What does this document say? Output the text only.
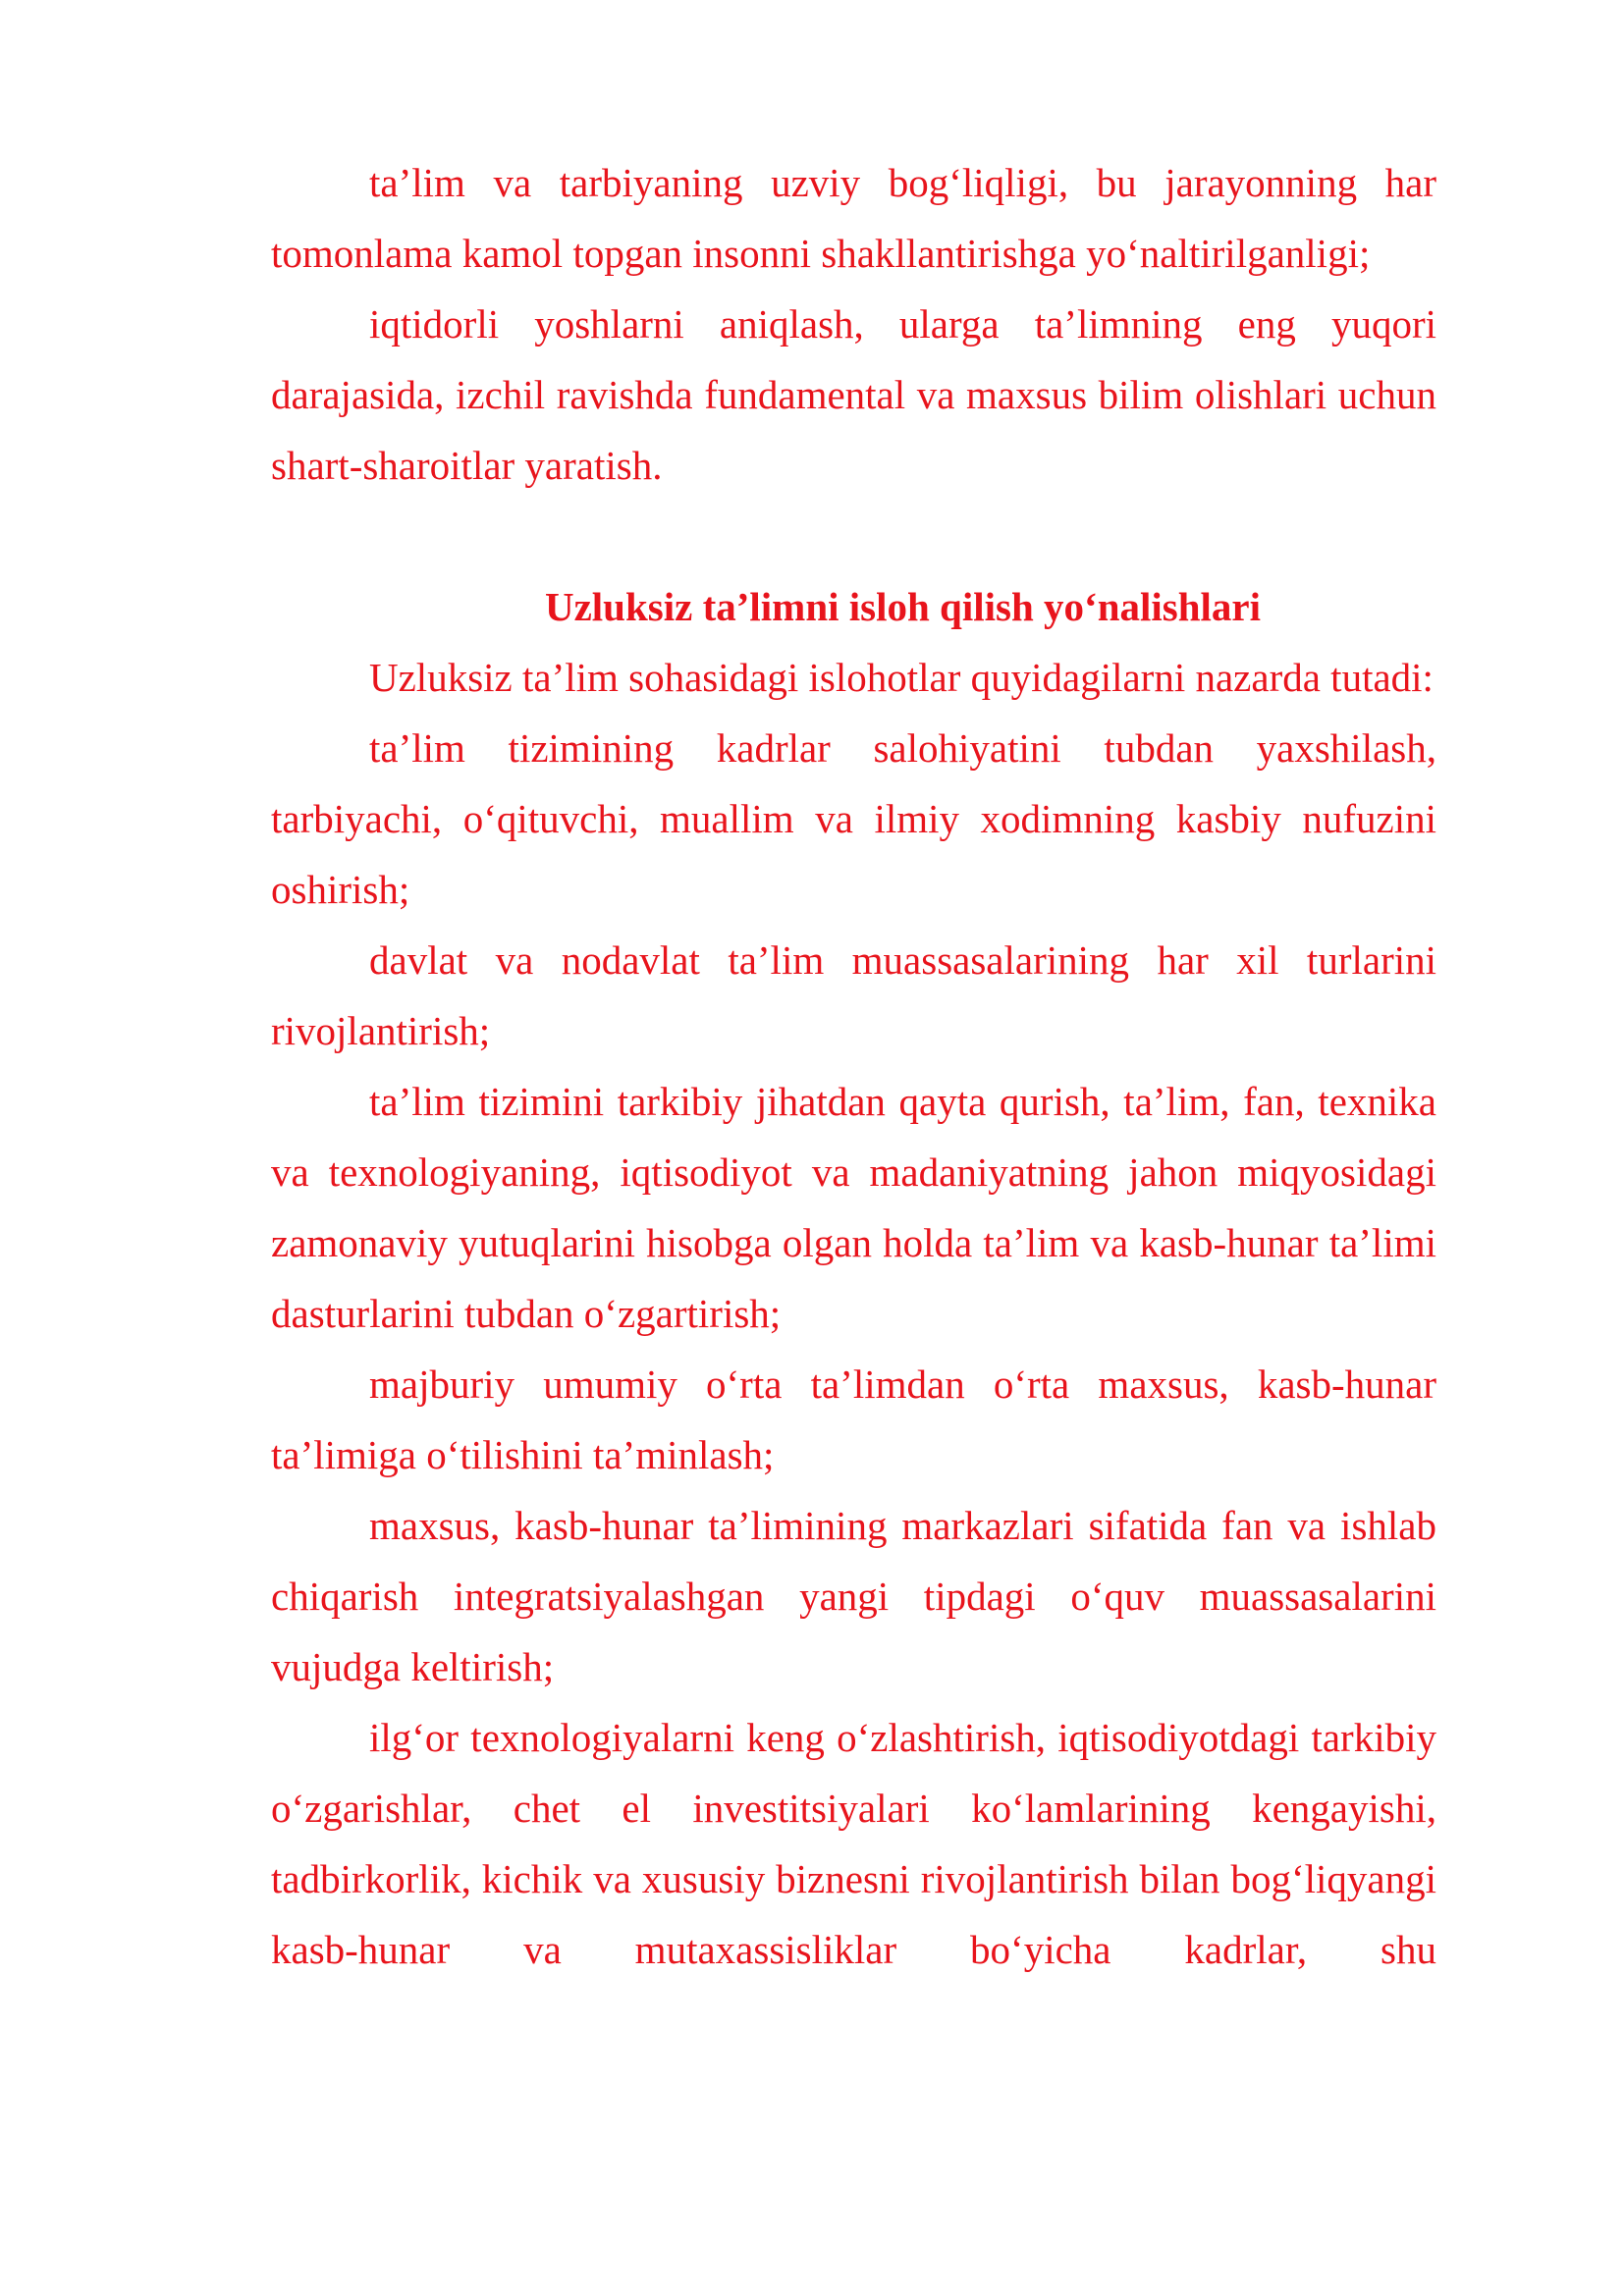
ta’lim va tarbiyaning uzviy bog‘liqligi, bu jarayonning har tomonlama kamol topgan insonni shakllantirishga yo‘naltirilganligi;

iqtidorli yoshlarni aniqlash, ularga ta’limning eng yuqori darajasida, izchil ravishda fundamental va maxsus bilim olishlari uchun shart-sharoitlar yaratish.

Uzluksiz ta’limni isloh qilish yo‘nalishlari

Uzluksiz ta’lim sohasidagi islohotlar quyidagilarni nazarda tutadi:

ta’lim tizimining kadrlar salohiyatini tubdan yaxshilash, tarbiyachi, o‘qituvchi, muallim va ilmiy xodimning kasbiy nufuzini oshirish;

davlat va nodavlat ta’lim muassasalarining har xil turlarini rivojlantirish;

ta’lim tizimini tarkibiy jihatdan qayta qurish, ta’lim, fan, texnika va texnologiyaning, iqtisodiyot va madaniyatning jahon miqyosidagi zamonaviy yutuqlarini hisobga olgan holda ta’lim va kasb-hunar ta’limi dasturlarini tubdan o‘zgartirish;

majburiy umumiy o‘rta ta’limdan o‘rta maxsus, kasb-hunar ta’limiga o‘tilishini ta’minlash;

maxsus, kasb-hunar ta’limining markazlari sifatida fan va ishlab chiqarish integratsiyalashgan yangi tipdagi o‘quv muassasalarini vujudga keltirish;

ilg‘or texnologiyalarni keng o‘zlashtirish, iqtisodiyotdagi tarkibiy o‘zgarishlar, chet el investitsiyalari ko‘lamlarining kengayishi, tadbirkorlik, kichik va xususiy biznesni rivojlantirish bilan bog‘liqyangi kasb-hunar va mutaxassisliklar bo‘yicha kadrlar, shu
